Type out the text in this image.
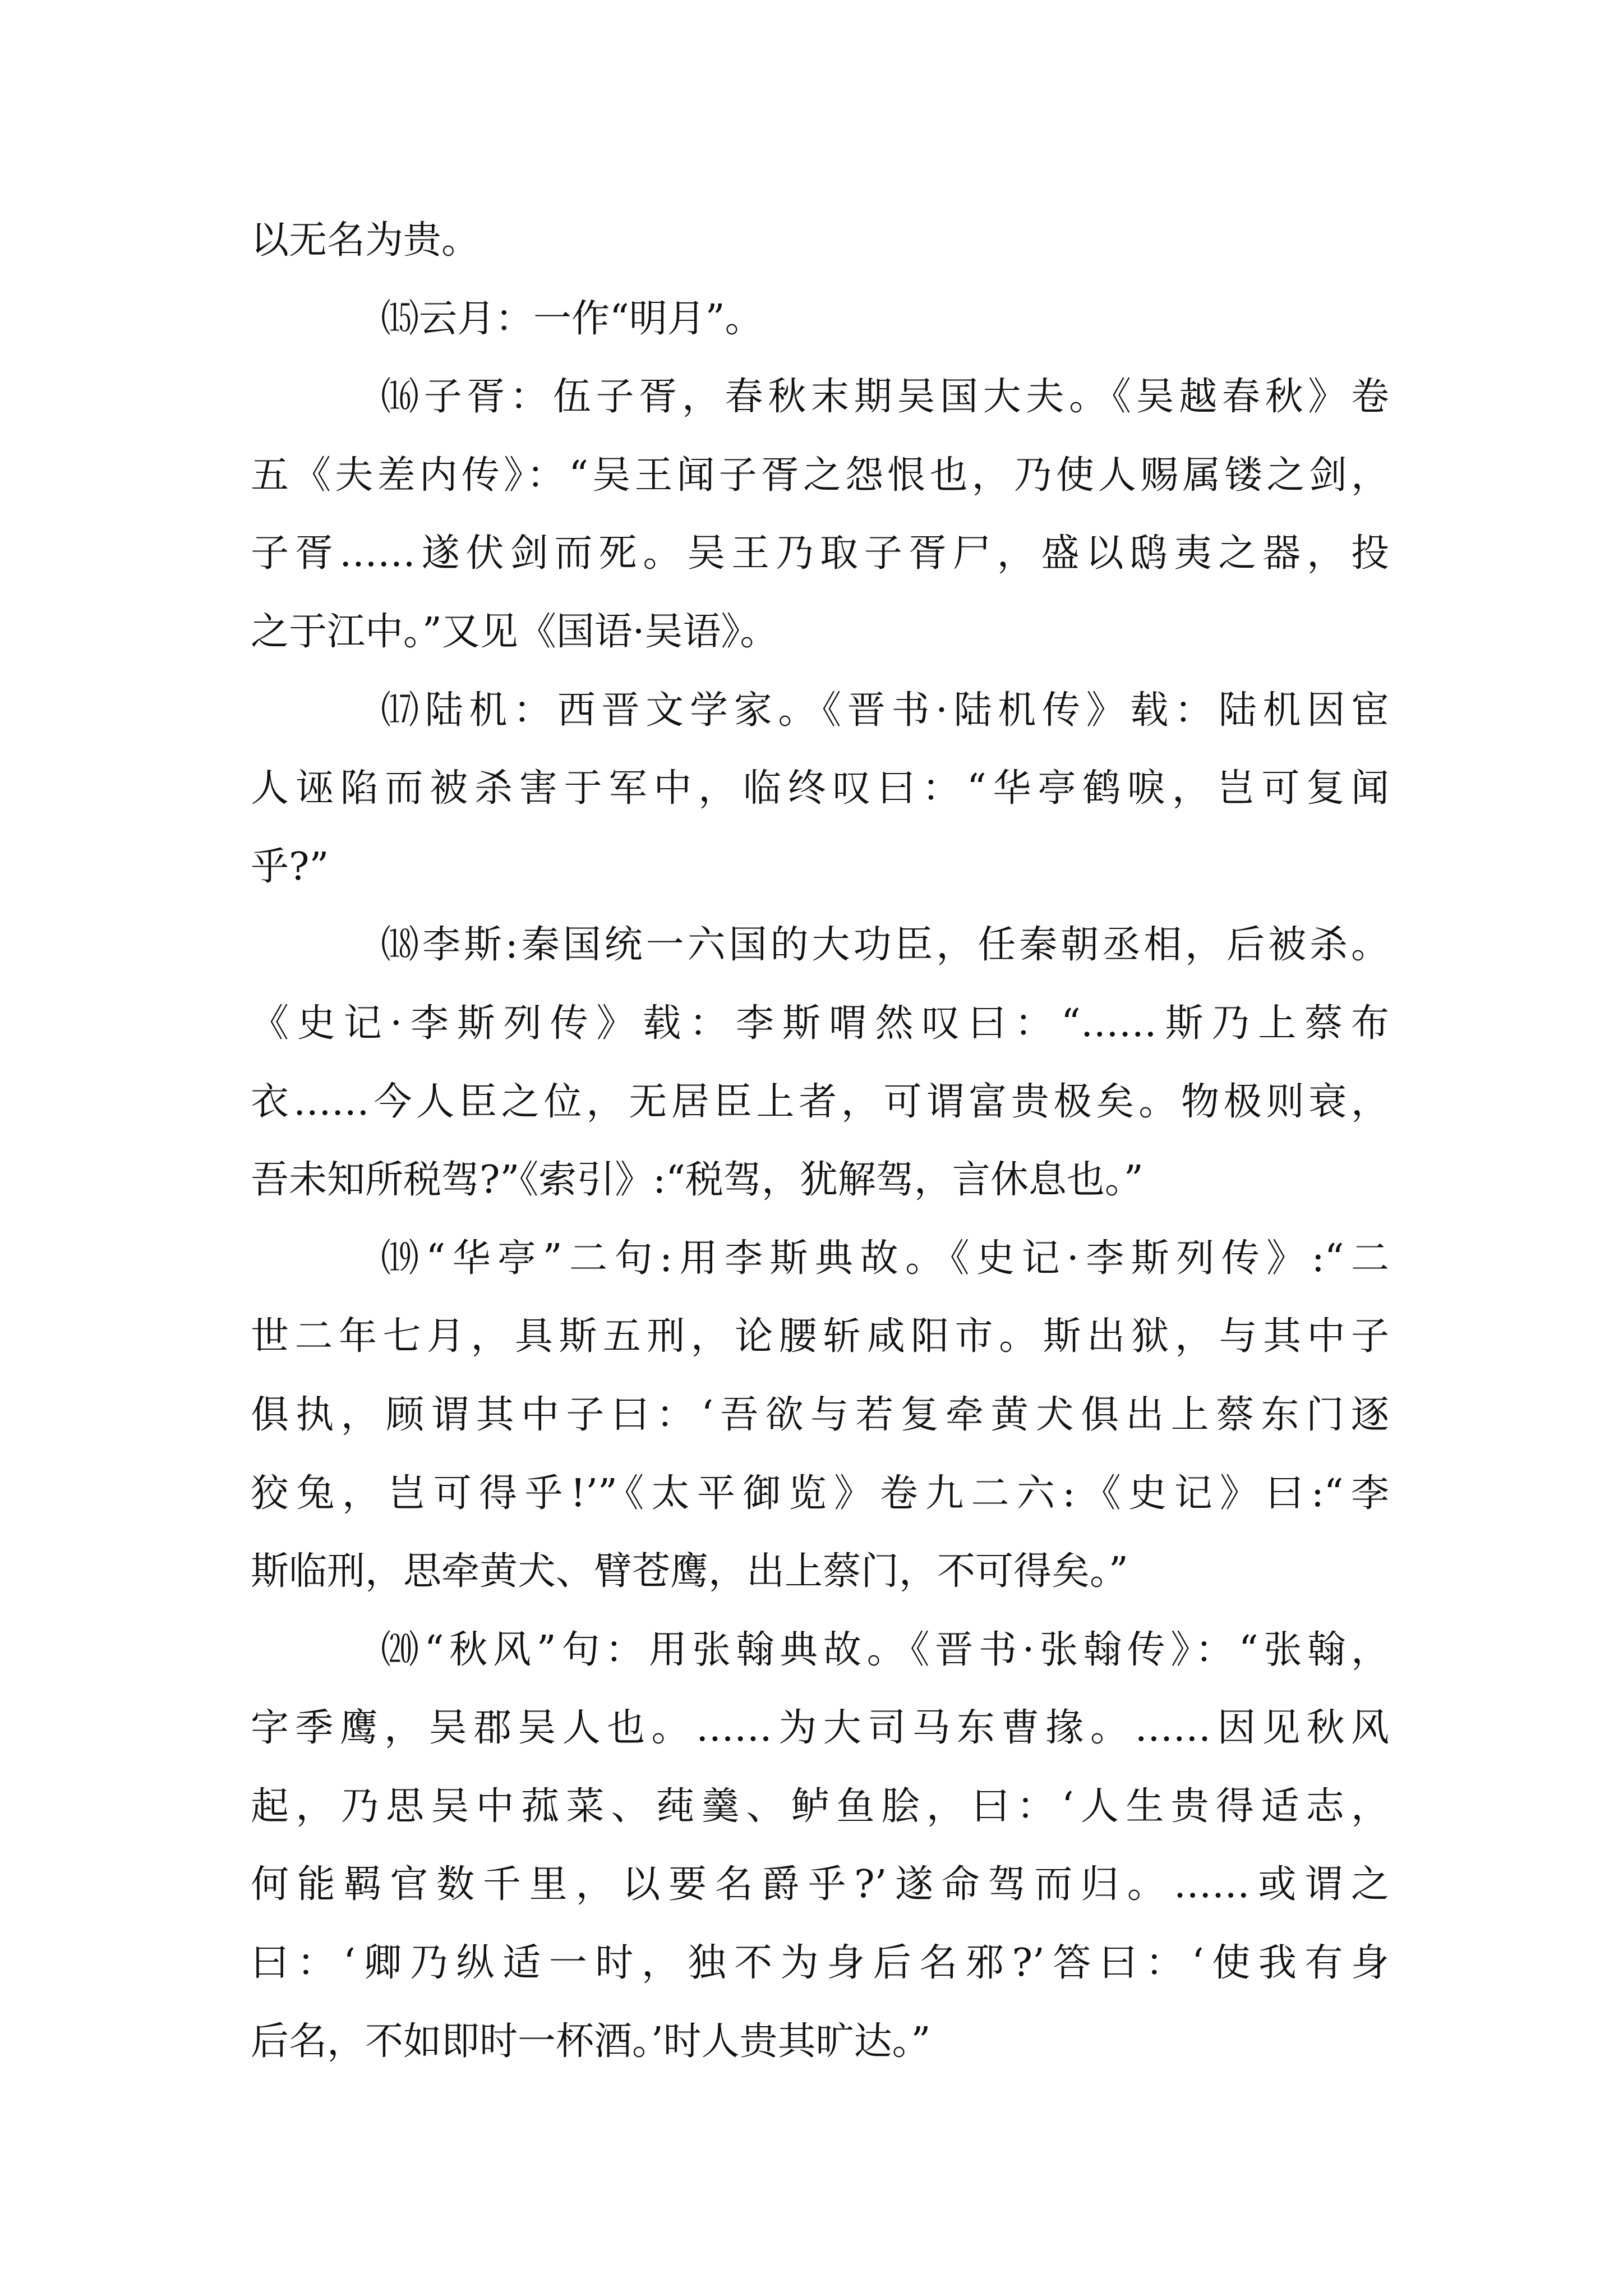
以无名为贵。
⒂云月：一作“明月”。
⒃子胥：伍子胥，春秋末期吴国大夫。《吴越春秋》卷
五《夫差内传》：“吴王闻子胥之怨恨也，乃使人赐属镂之剑，
子胥……遂伏剑而死。吴王乃取子胥尸，盛以鸱夷之器，投
之于江中。”又见《国语·吴语》。
⒄陆机：西晋文学家。《晋书·陆机传》载：陆机因宦
人诬陷而被杀害于军中，临终叹曰：“华亭鹤唳，岂可复闻
乎?”
⒅李斯:秦国统一六国的大功臣，任秦朝丞相，后被杀。
《史记·李斯列传》载：李斯喟然叹曰：“……斯乃上蔡布
衣……今人臣之位，无居臣上者，可谓富贵极矣。物极则衰，
吾未知所税驾?”《索引》:“税驾，犹解驾，言休息也。”
⒆“华亭”二句:用李斯典故。《史记·李斯列传》:“二
世二年七月，具斯五刑，论腰斩咸阳市。斯出狱，与其中子
俱执，顾谓其中子曰：‘吾欲与若复牵黄犬俱出上蔡东门逐
狡兔，岂可得乎!’”《太平御览》卷九二六:《史记》曰:“李
斯临刑，思牵黄犬、臂苍鹰，出上蔡门，不可得矣。”
⒇“秋风”句：用张翰典故。《晋书·张翰传》：“张翰，
字季鹰，吴郡吴人也。……为大司马东曹掾。……因见秋风
起，乃思吴中菰菜、莼羹、鲈鱼脍，曰：‘人生贵得适志，
何能羁官数千里，以要名爵乎?’遂命驾而归。……或谓之
曰：‘卿乃纵适一时，独不为身后名邪?’答曰：‘使我有身
后名，不如即时一杯酒。’时人贵其旷达。”
